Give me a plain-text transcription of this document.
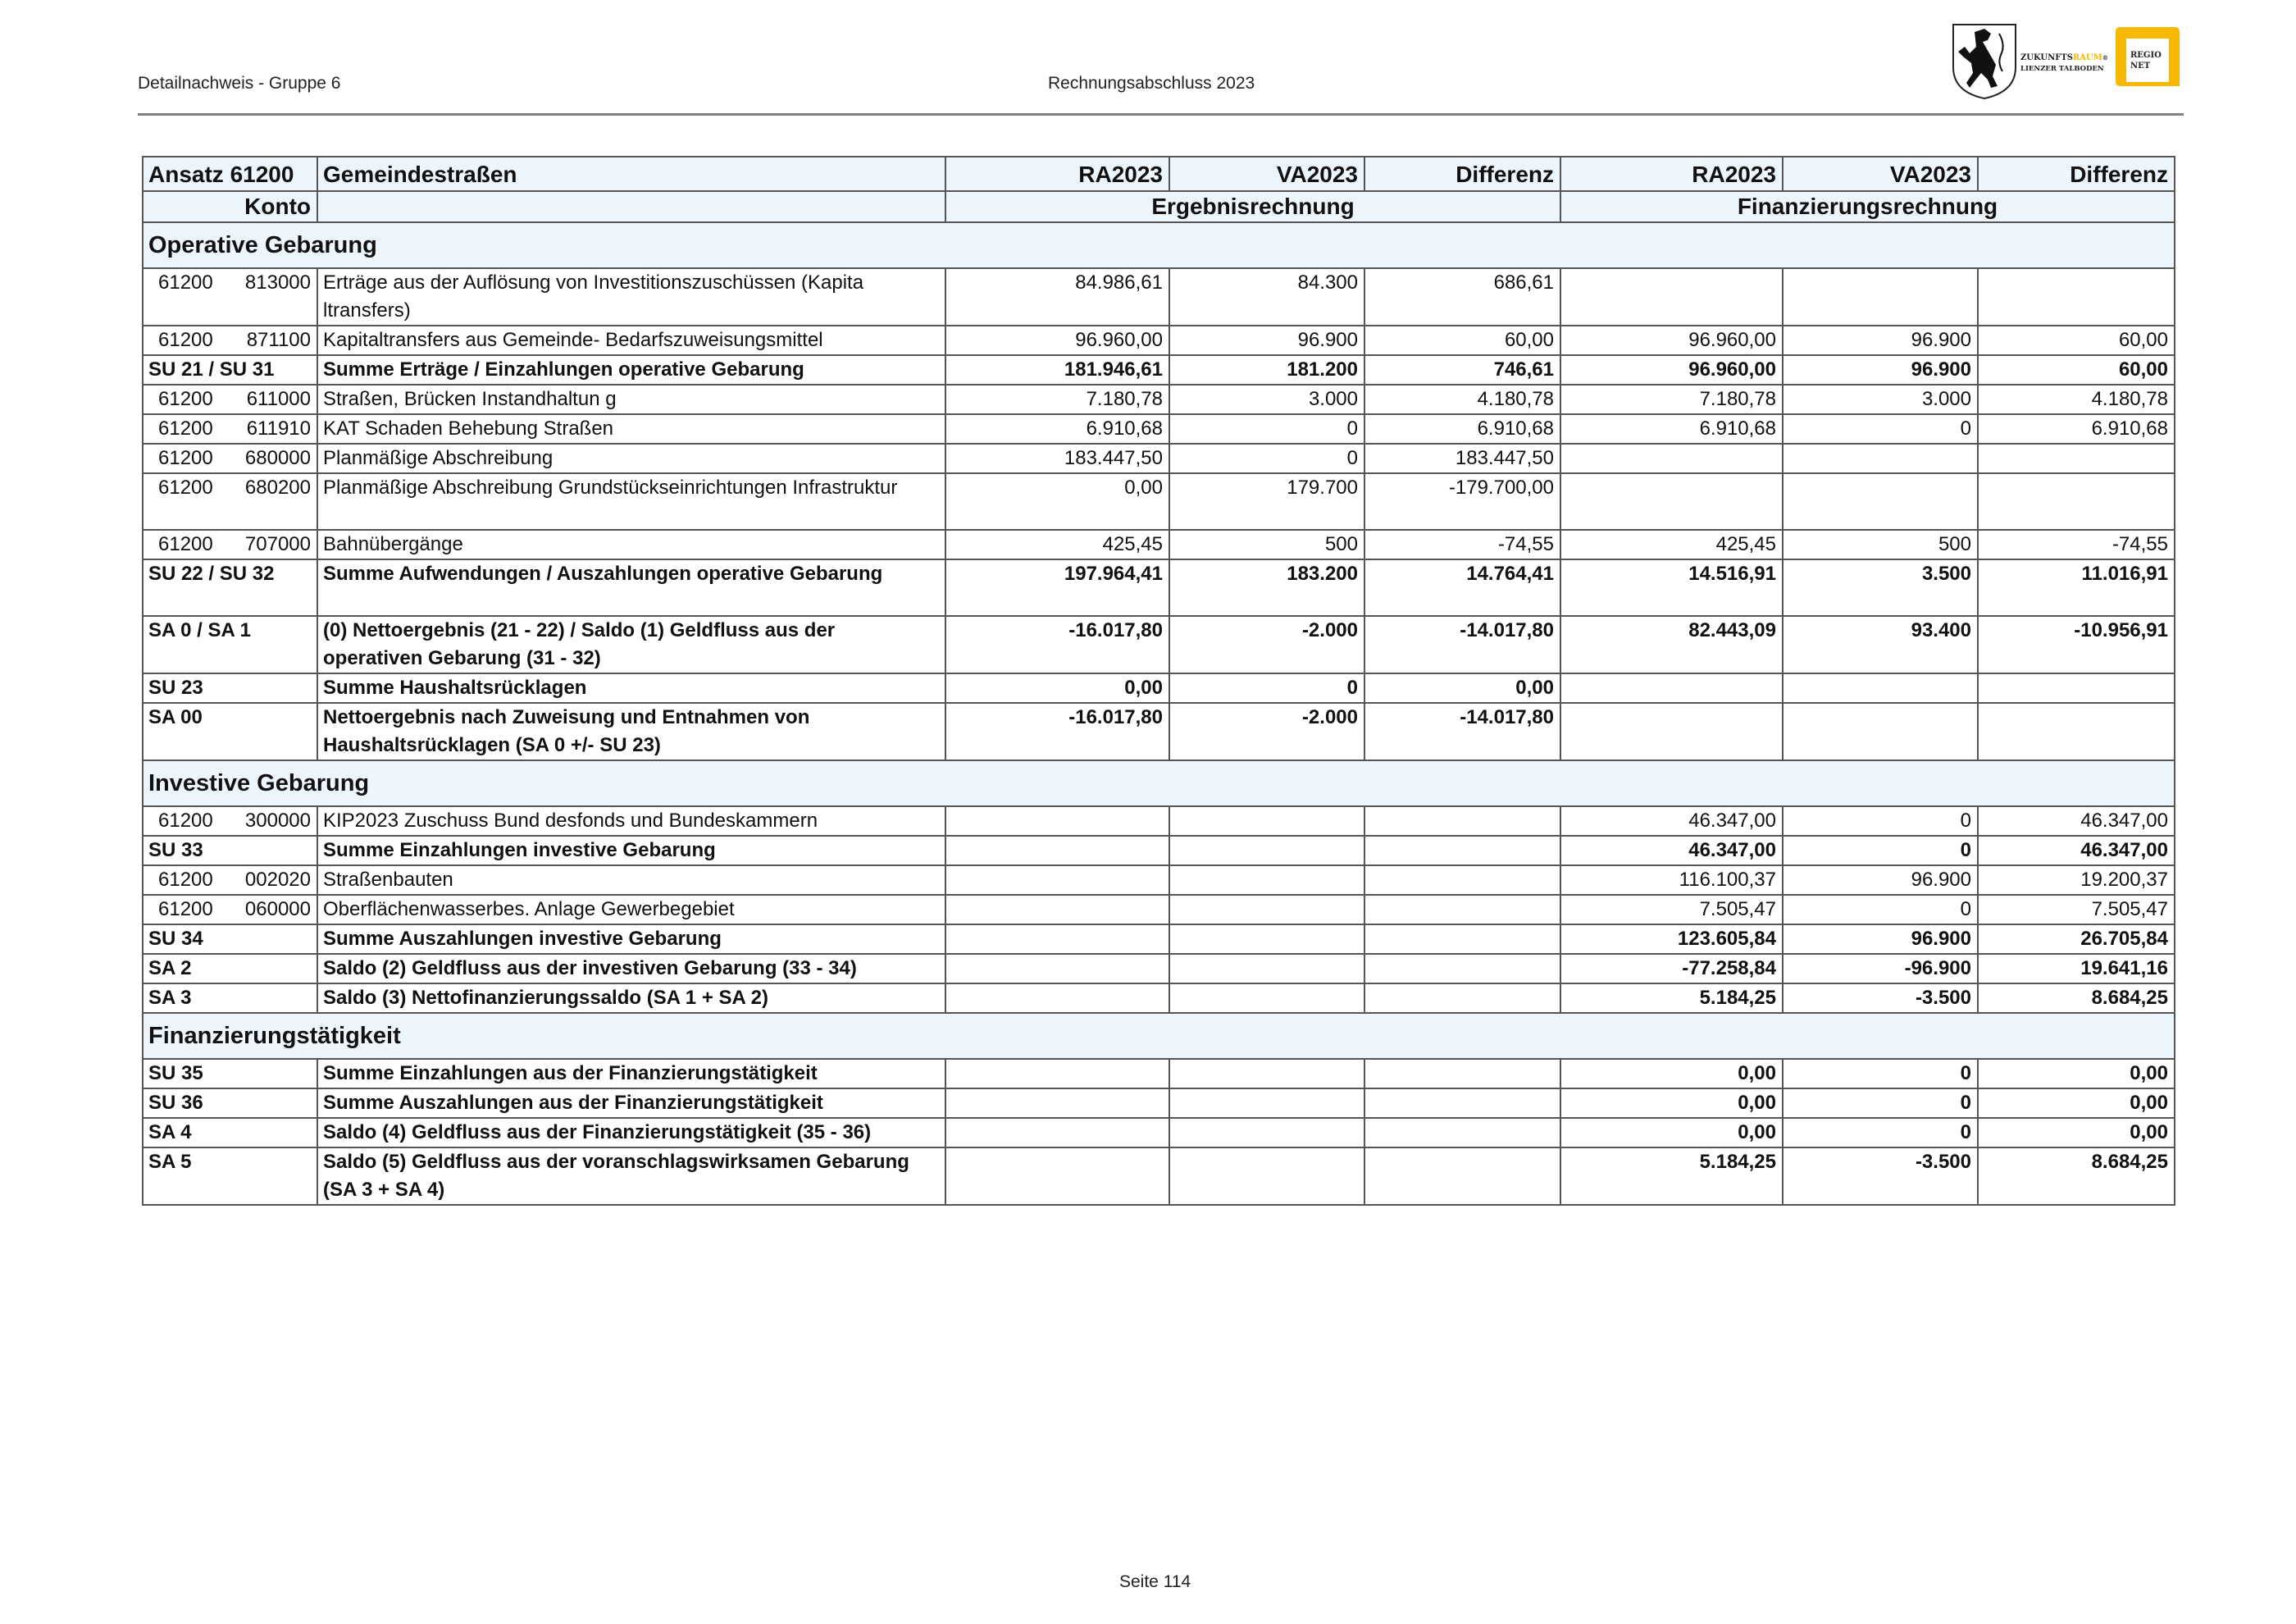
Detailnachweis - Gruppe 6	Rechnungsabschluss 2023
ZUKUNFTSRAUM®
LIENZER TALBODEN
REGIO
NET
Ansatz 61200	Gemeindestraßen	RA2023	VA2023	Differenz	RA2023	VA2023	Differenz
Konto		Ergebnisrechnung			Finanzierungsrechnung		
Operative Gebarung							
61200 813000	Erträge aus der Auflösung von Investitionszuschüssen (Kapita ltransfers)	84.986,61	84.300	686,61			
61200 871100	Kapitaltransfers aus Gemeinde- Bedarfszuweisungsmittel	96.960,00	96.900	60,00	96.960,00	96.900	60,00
SU 21 / SU 31	Summe Erträge / Einzahlungen operative Gebarung	181.946,61	181.200	746,61	96.960,00	96.900	60,00
61200 611000	Straßen, Brücken Instandhaltun g	7.180,78	3.000	4.180,78	7.180,78	3.000	4.180,78
61200 611910	KAT Schaden Behebung Straßen	6.910,68	0	6.910,68	6.910,68	0	6.910,68
61200 680000	Planmäßige Abschreibung	183.447,50	0	183.447,50			
61200 680200	Planmäßige Abschreibung Grundstückseinrichtungen Infrastruktur	0,00	179.700	-179.700,00			
61200 707000	Bahnübergänge	425,45	500	-74,55	425,45	500	-74,55
SU 22 / SU 32	Summe Aufwendungen / Auszahlungen operative Gebarung	197.964,41	183.200	14.764,41	14.516,91	3.500	11.016,91
SA 0 / SA 1	(0) Nettoergebnis (21 - 22) / Saldo (1) Geldfluss aus der operativen Gebarung (31 - 32)	-16.017,80	-2.000	-14.017,80	82.443,09	93.400	-10.956,91
SU 23	Summe Haushaltsrücklagen	0,00	0	0,00			
SA 00	Nettoergebnis nach Zuweisung und Entnahmen von Haushaltsrücklagen (SA 0 +/- SU 23)	-16.017,80	-2.000	-14.017,80			
Investive Gebarung							
61200 300000	KIP2023 Zuschuss Bund desfonds und Bundeskammern				46.347,00	0	46.347,00
SU 33	Summe Einzahlungen investive Gebarung				46.347,00	0	46.347,00
61200 002020	Straßenbauten				116.100,37	96.900	19.200,37
61200 060000	Oberflächenwasserbes. Anlage Gewerbegebiet				7.505,47	0	7.505,47
SU 34	Summe Auszahlungen investive Gebarung				123.605,84	96.900	26.705,84
SA 2	Saldo (2) Geldfluss aus der investiven Gebarung (33 - 34)				-77.258,84	-96.900	19.641,16
SA 3	Saldo (3) Nettofinanzierungssaldo (SA 1 + SA 2)				5.184,25	-3.500	8.684,25
Finanzierungstätigkeit							
SU 35	Summe Einzahlungen aus der Finanzierungstätigkeit				0,00	0	0,00
SU 36	Summe Auszahlungen aus der Finanzierungstätigkeit				0,00	0	0,00
SA 4	Saldo (4) Geldfluss aus der Finanzierungstätigkeit (35 - 36)				0,00	0	0,00
SA 5	Saldo (5) Geldfluss aus der voranschlagswirksamen Gebarung (SA 3 + SA 4)				5.184,25	-3.500	8.684,25
Seite 114
